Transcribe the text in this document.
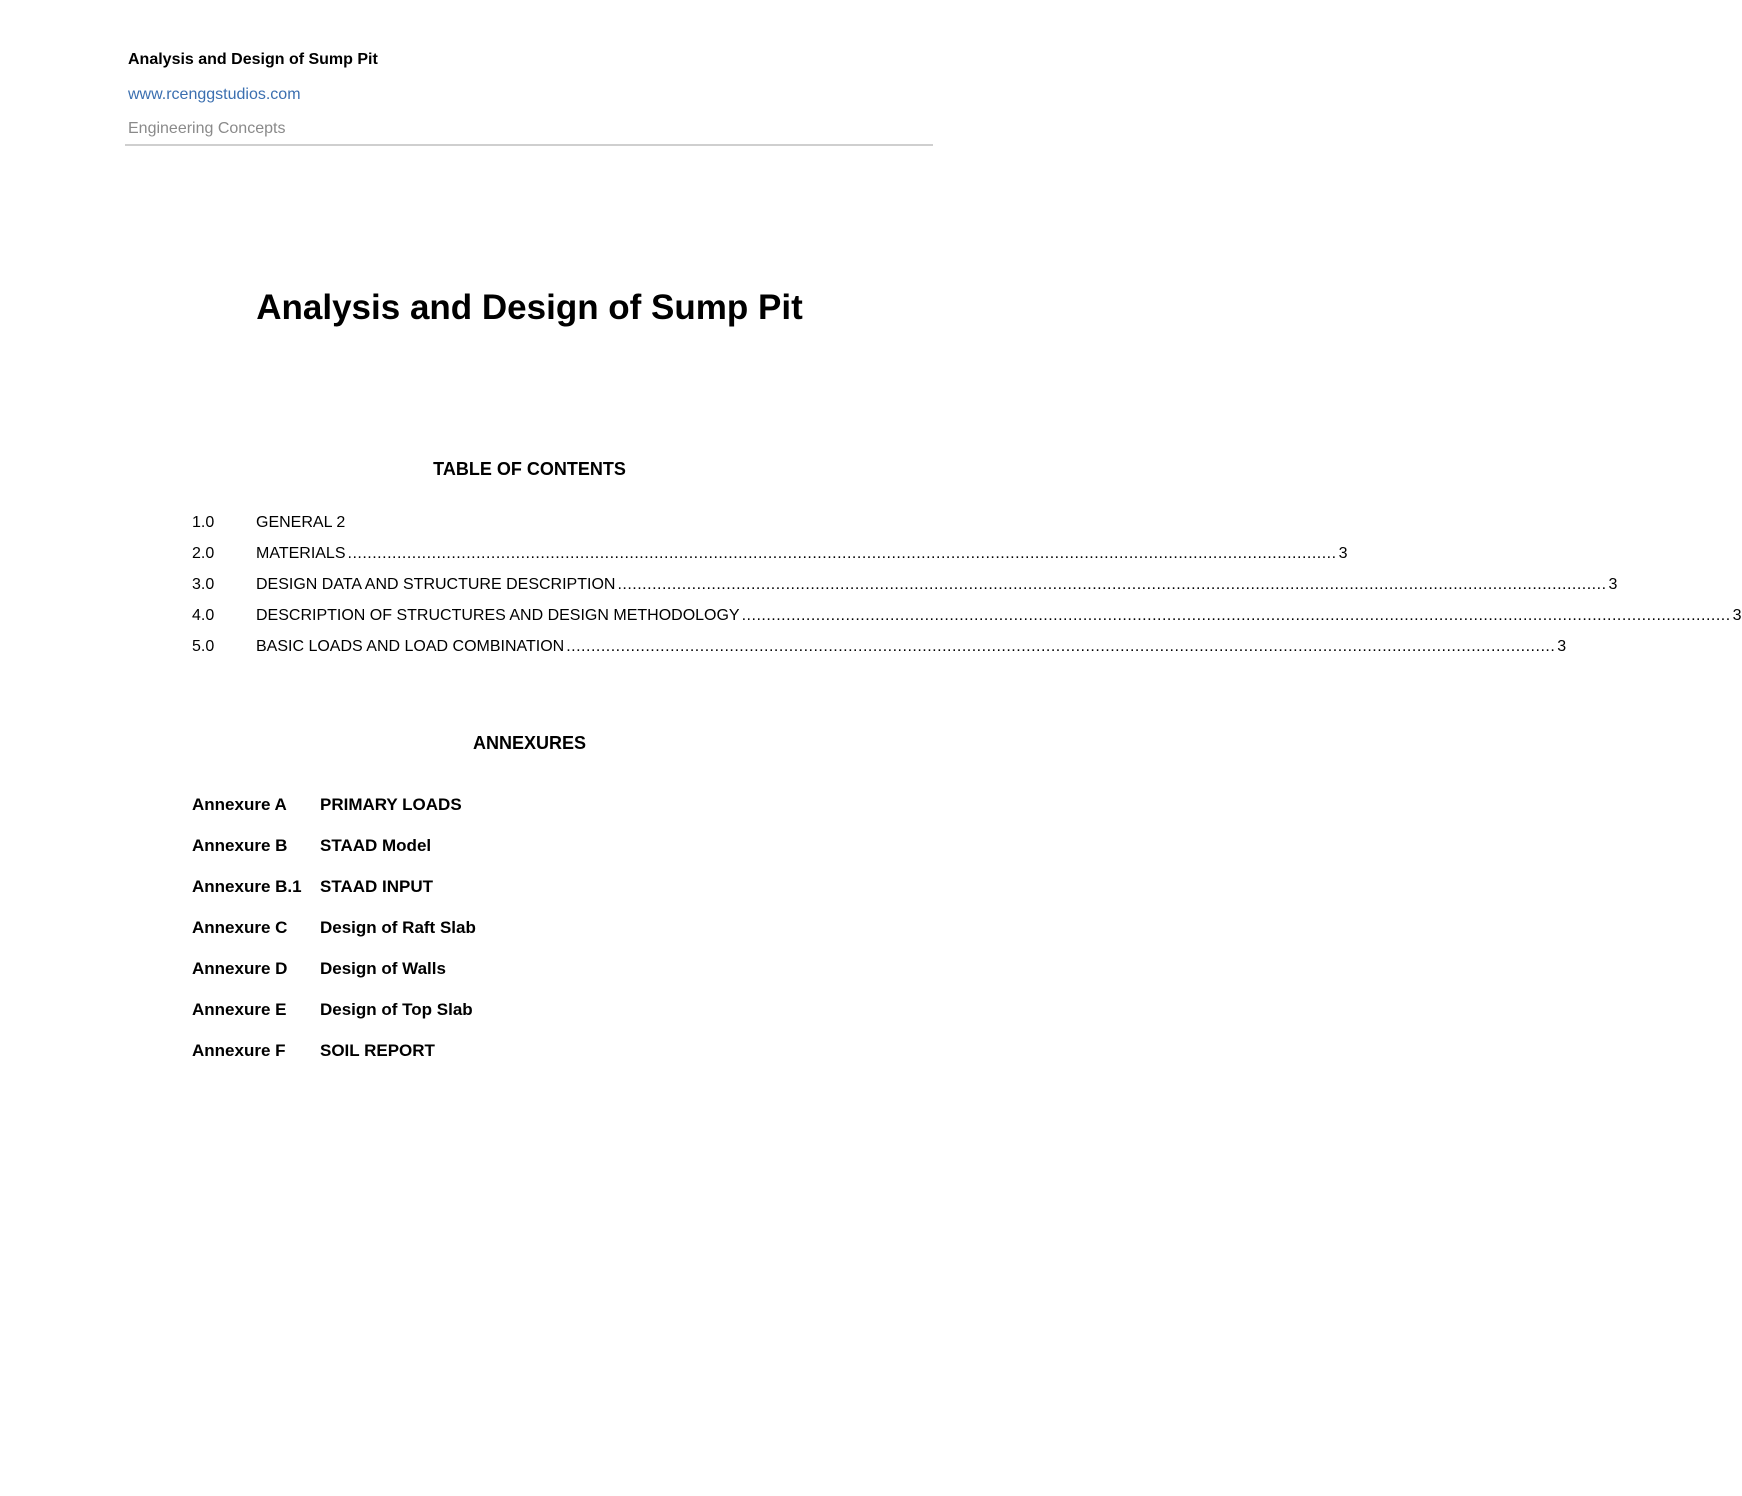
Analysis and Design of Sump Pit
www.rcenggstudios.com
Engineering Concepts
Analysis and Design of Sump Pit
TABLE OF CONTENTS
1.0	GENERAL 2
2.0	MATERIALS ........................................................................................................................................................................................................ 3
3.0	DESIGN DATA AND STRUCTURE DESCRIPTION ........................................................................................................................................................................................................ 3
4.0	DESCRIPTION OF STRUCTURES AND DESIGN METHODOLOGY ........................................................................................................................................................................................................ 3
5.0	BASIC LOADS AND LOAD COMBINATION ........................................................................................................................................................................................................ 3
ANNEXURES
Annexure A	PRIMARY LOADS
Annexure B	STAAD Model
Annexure B.1	STAAD INPUT
Annexure C	Design of Raft Slab
Annexure D	Design of Walls
Annexure E	Design of Top Slab
Annexure F	SOIL REPORT
